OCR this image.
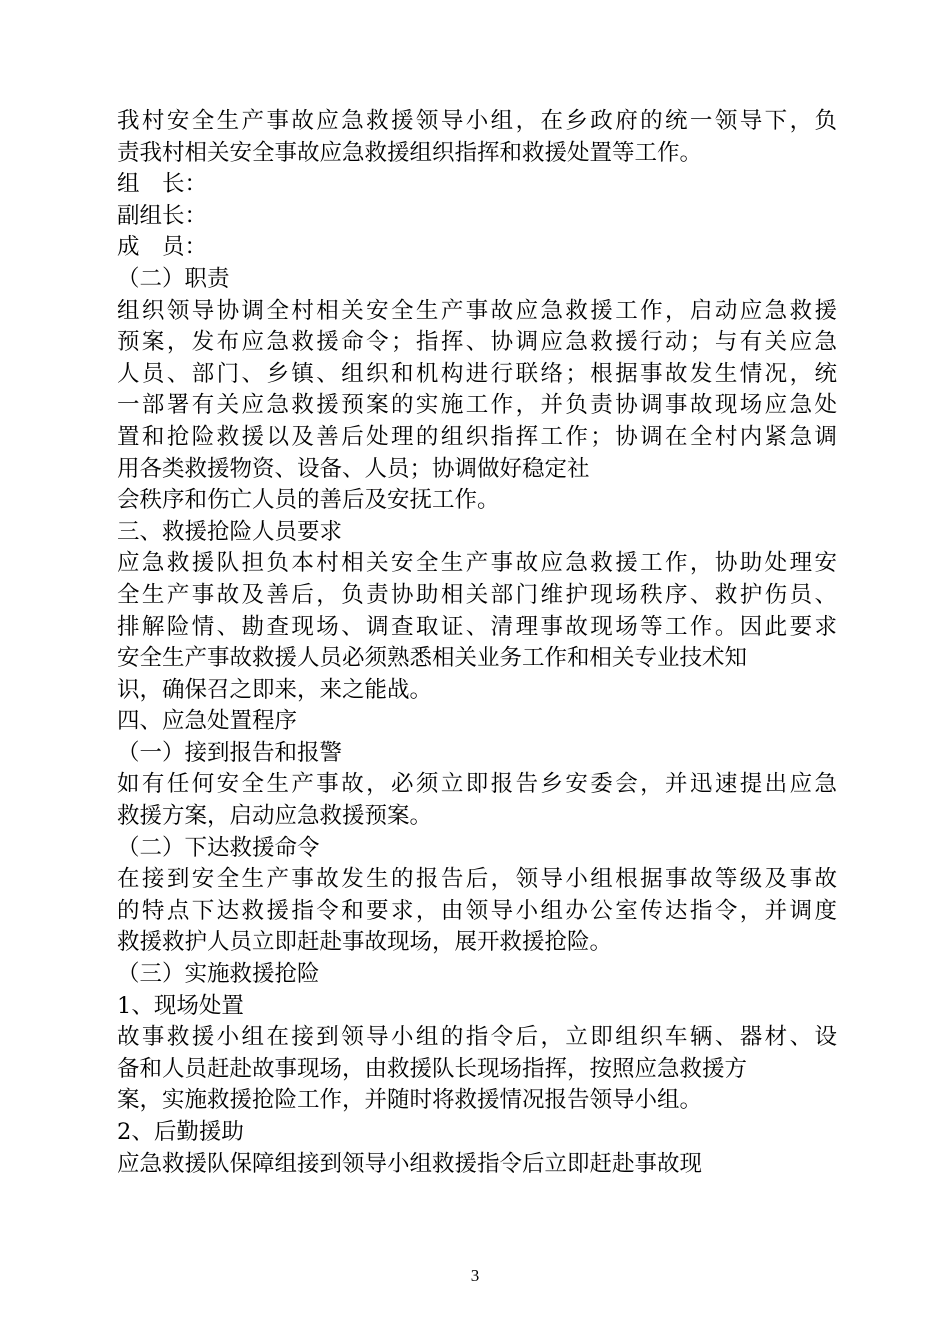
我村安全生产事故应急救援领导小组，在乡政府的统一领导下，负
责我村相关安全事故应急救援组织指挥和救援处置等工作。
组　长：
副组长：
成　员：
（二）职责
组织领导协调全村相关安全生产事故应急救援工作，启动应急救援
预案，发布应急救援命令；指挥、协调应急救援行动；与有关应急
人员、部门、乡镇、组织和机构进行联络；根据事故发生情况，统
一部署有关应急救援预案的实施工作，并负责协调事故现场应急处
置和抢险救援以及善后处理的组织指挥工作；协调在全村内紧急调
用各类救援物资、设备、人员；协调做好稳定社
会秩序和伤亡人员的善后及安抚工作。
三、救援抢险人员要求
应急救援队担负本村相关安全生产事故应急救援工作，协助处理安
全生产事故及善后，负责协助相关部门维护现场秩序、救护伤员、
排解险情、勘查现场、调查取证、清理事故现场等工作。因此要求
安全生产事故救援人员必须熟悉相关业务工作和相关专业技术知
识，确保召之即来，来之能战。
四、应急处置程序
（一）接到报告和报警
如有任何安全生产事故，必须立即报告乡安委会，并迅速提出应急
救援方案，启动应急救援预案。
（二）下达救援命令
在接到安全生产事故发生的报告后，领导小组根据事故等级及事故
的特点下达救援指令和要求，由领导小组办公室传达指令，并调度
救援救护人员立即赶赴事故现场，展开救援抢险。
（三）实施救援抢险
1、现场处置
故事救援小组在接到领导小组的指令后，立即组织车辆、器材、设
备和人员赶赴故事现场，由救援队长现场指挥，按照应急救援方
案，实施救援抢险工作，并随时将救援情况报告领导小组。
2、后勤援助
应急救援队保障组接到领导小组救援指令后立即赶赴事故现
3
